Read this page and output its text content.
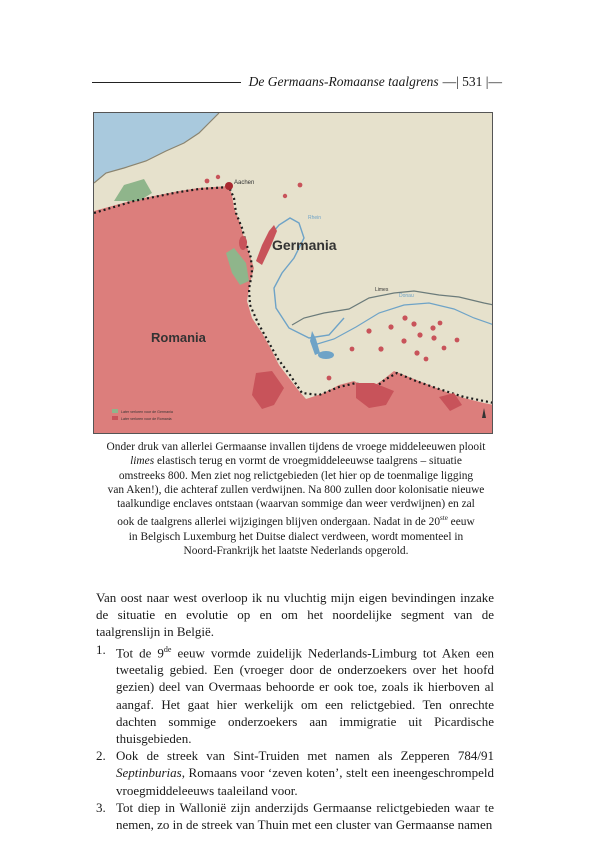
De Germaans-Romaanse taalgrens —| 531 |—
Aachen
Germania
Romania
Rhein
Limes
Donau
Later verloren voor de Germania
Later verloren voor de Romania
Onder druk van allerlei Germaanse invallen tijdens de vroege middeleeuwen plooit
limes elastisch terug en vormt de vroegmiddeleeuwse taalgrens – situatie
omstreeks 800. Men ziet nog relictgebieden (let hier op de toenmalige ligging
van Aken!), die achteraf zullen verdwijnen. Na 800 zullen door kolonisatie nieuwe
taalkundige enclaves ontstaan (waarvan sommige dan weer verdwijnen) en zal
ook de taalgrens allerlei wijzigingen blijven ondergaan. Nadat in de 20ste eeuw
in Belgisch Luxemburg het Duitse dialect verdween, wordt momenteel in
Noord-Frankrijk het laatste Nederlands opgerold.

Van oost naar west overloop ik nu vluchtig mijn eigen bevindingen inzake de situatie en evolutie op en om het noordelijke segment van de taalgrenslijn in België.

1. Tot de 9de eeuw vormde zuidelijk Nederlands-Limburg tot Aken een tweetalig gebied. Een (vroeger door de onderzoekers over het hoofd gezien) deel van Overmaas behoorde er ook toe, zoals ik hierboven al aangaf. Het gaat hier werkelijk om een relictgebied. Ten onrechte dachten sommige onderzoekers aan immigratie uit Picardische thuisgebieden.
2. Ook de streek van Sint-Truiden met namen als Zepperen 784/91 Septinburias, Romaans voor ‘zeven koten’, stelt een ineengeschrompeld vroegmiddeleeuws taaleiland voor.
3. Tot diep in Wallonië zijn anderzijds Germaanse relictgebieden waar te nemen, zo in de streek van Thuin met een cluster van Germaanse namen
